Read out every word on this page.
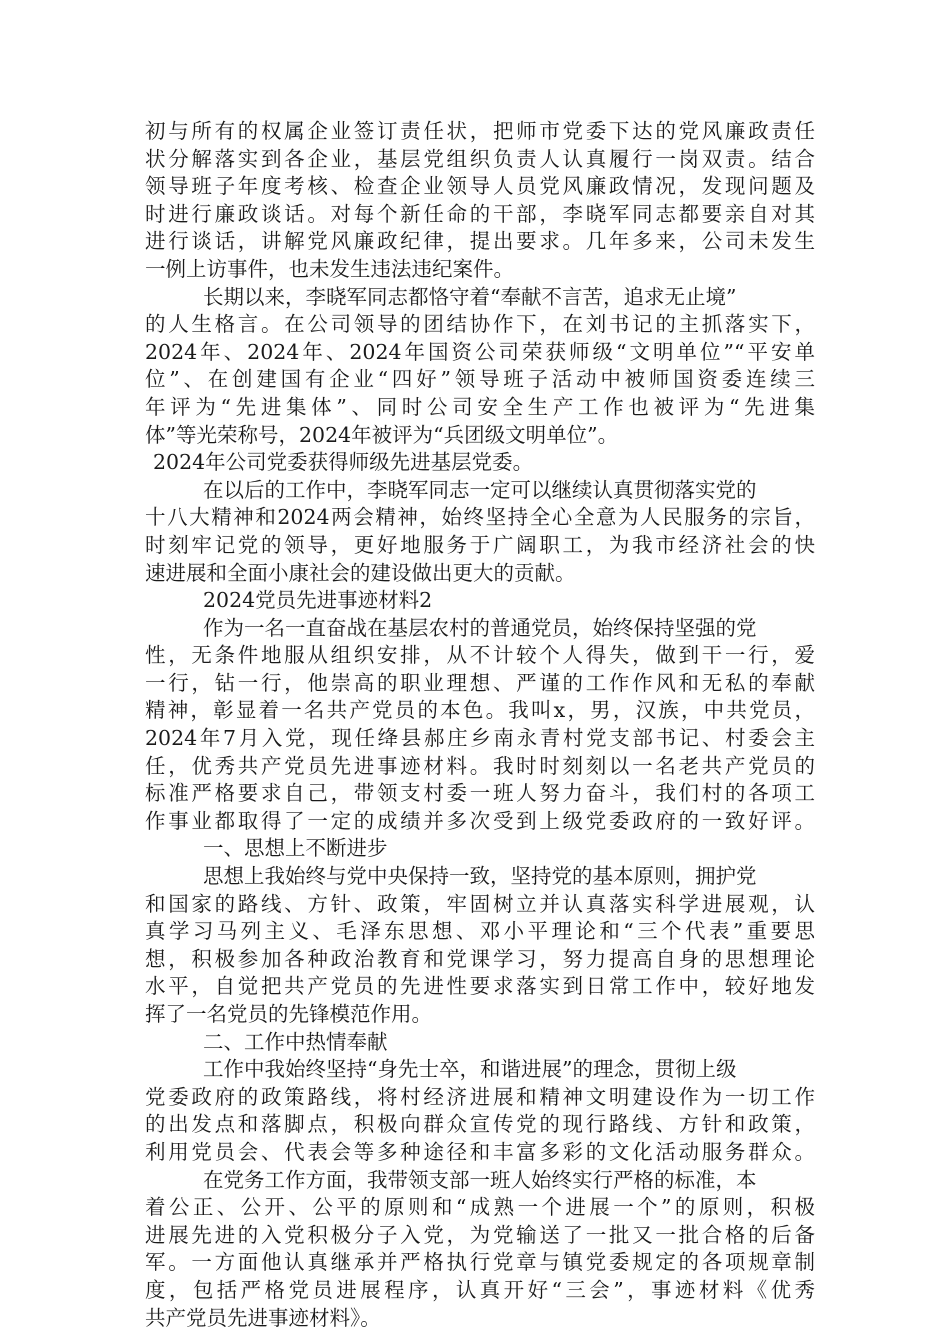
初与所有的权属企业签订责任状，把师市党委下达的党风廉政责任
状分解落实到各企业，基层党组织负责人认真履行一岗双责。结合
领导班子年度考核、检查企业领导人员党风廉政情况，发现问题及
时进行廉政谈话。对每个新任命的干部，李晓军同志都要亲自对其
进行谈话，讲解党风廉政纪律，提出要求。几年多来，公司未发生
一例上访事件，也未发生违法违纪案件。
长期以来，李晓军同志都恪守着“奉献不言苦，追求无止境”
的人生格言。在公司领导的团结协作下，在刘书记的主抓落实下，
2024年、2024年、2024年国资公司荣获师级“文明单位”“平安单
位”、在创建国有企业“四好”领导班子活动中被师国资委连续三
年评为“先进集体”、同时公司安全生产工作也被评为“先进集
体”等光荣称号，2024年被评为“兵团级文明单位”。
2024年公司党委获得师级先进基层党委。
在以后的工作中，李晓军同志一定可以继续认真贯彻落实党的
十八大精神和2024两会精神，始终坚持全心全意为人民服务的宗旨，
时刻牢记党的领导，更好地服务于广阔职工，为我市经济社会的快
速进展和全面小康社会的建设做出更大的贡献。
2024党员先进事迹材料2
作为一名一直奋战在基层农村的普通党员，始终保持坚强的党
性，无条件地服从组织安排，从不计较个人得失，做到干一行，爱
一行，钻一行，他崇高的职业理想、严谨的工作作风和无私的奉献
精神，彰显着一名共产党员的本色。我叫x，男，汉族，中共党员，
2024年7月入党，现任绛县郝庄乡南永青村党支部书记、村委会主
任，优秀共产党员先进事迹材料。我时时刻刻以一名老共产党员的
标准严格要求自己，带领支村委一班人努力奋斗，我们村的各项工
作事业都取得了一定的成绩并多次受到上级党委政府的一致好评。
一、思想上不断进步
思想上我始终与党中央保持一致，坚持党的基本原则，拥护党
和国家的路线、方针、政策，牢固树立并认真落实科学进展观，认
真学习马列主义、毛泽东思想、邓小平理论和“三个代表”重要思
想，积极参加各种政治教育和党课学习，努力提高自身的思想理论
水平，自觉把共产党员的先进性要求落实到日常工作中，较好地发
挥了一名党员的先锋模范作用。
二、工作中热情奉献
工作中我始终坚持“身先士卒，和谐进展”的理念，贯彻上级
党委政府的政策路线，将村经济进展和精神文明建设作为一切工作
的出发点和落脚点，积极向群众宣传党的现行路线、方针和政策，
利用党员会、代表会等多种途径和丰富多彩的文化活动服务群众。
在党务工作方面，我带领支部一班人始终实行严格的标准，本
着公正、公开、公平的原则和“成熟一个进展一个”的原则，积极
进展先进的入党积极分子入党，为党输送了一批又一批合格的后备
军。一方面他认真继承并严格执行党章与镇党委规定的各项规章制
度，包括严格党员进展程序，认真开好“三会”，事迹材料《优秀
共产党员先进事迹材料》。
